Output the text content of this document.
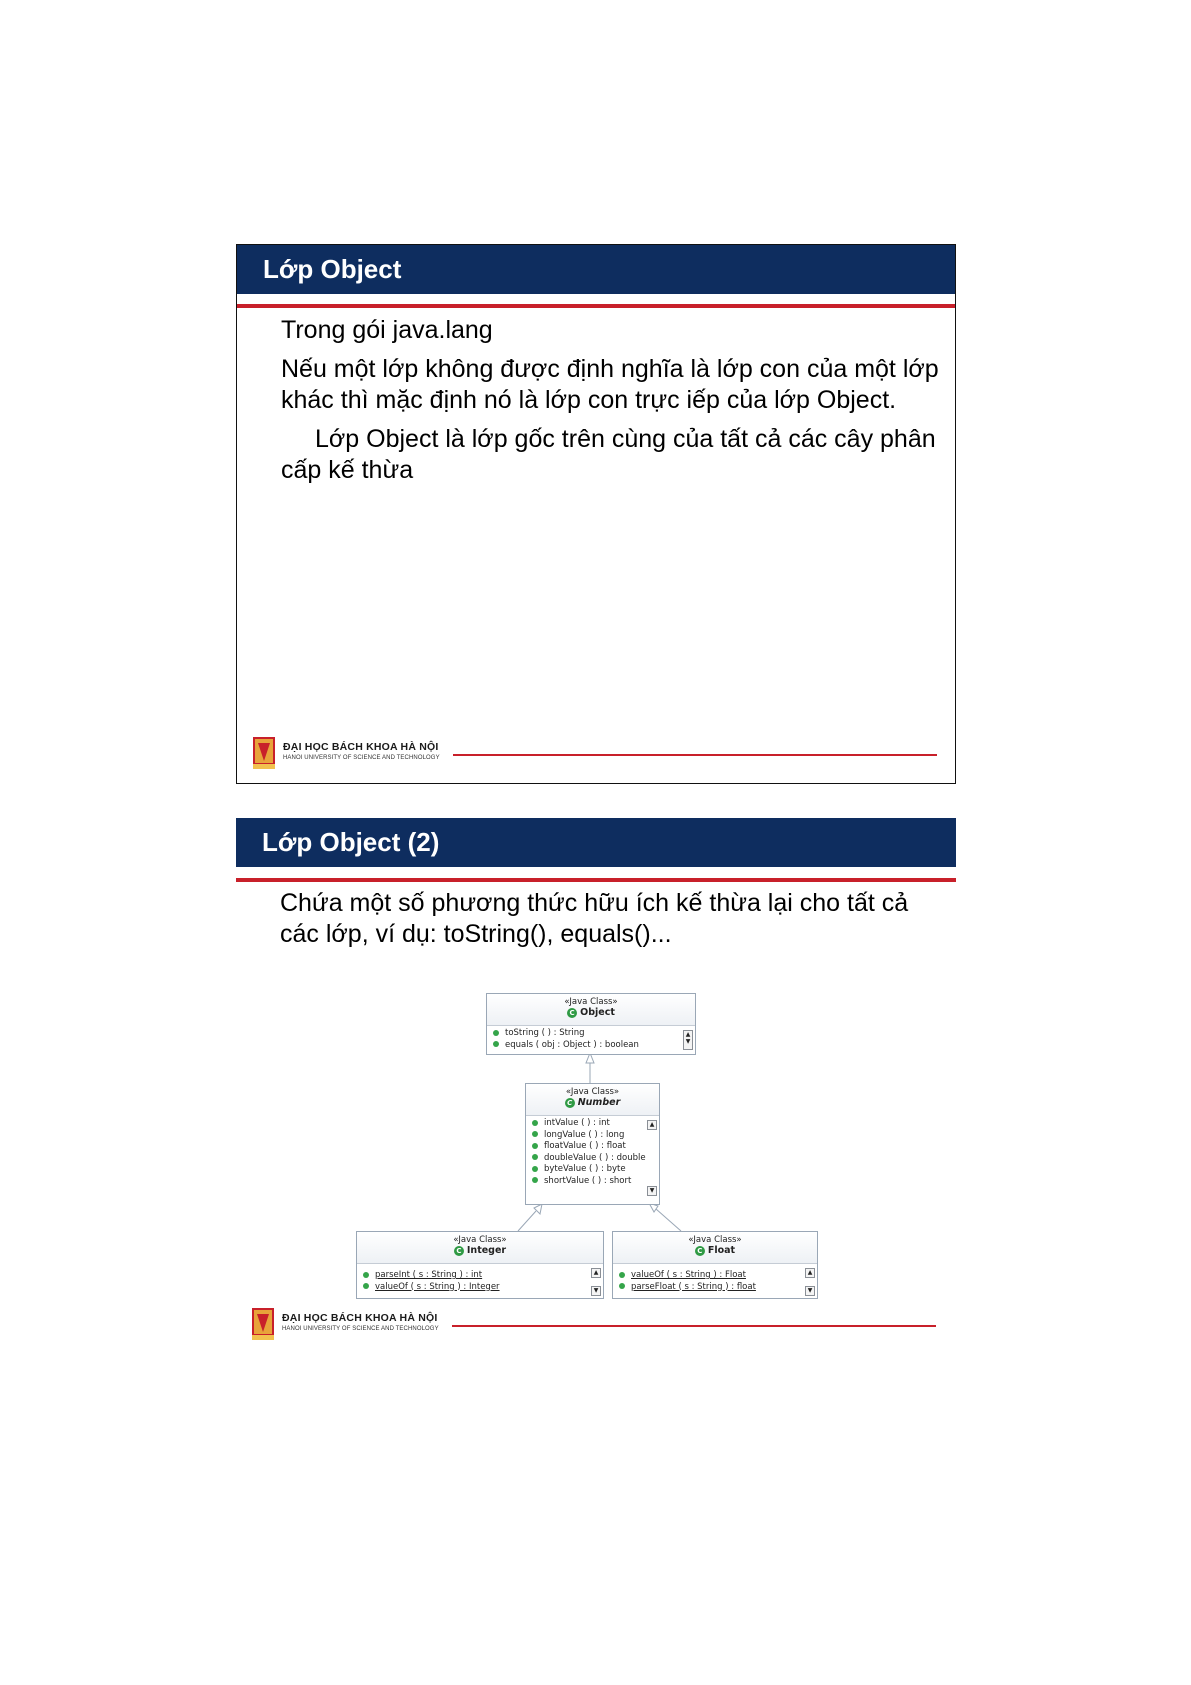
Lớp Object

Trong gói java.lang

Nếu một lớp không được định nghĩa là lớp con của một lớp khác thì mặc định nó là lớp con trực iếp của lớp Object.

Lớp Object là lớp gốc trên cùng của tất cả các cây phân cấp kế thừa

ĐẠI HỌC BÁCH KHOA HÀ NỘI
HANOI UNIVERSITY OF SCIENCE AND TECHNOLOGY
Lớp Object (2)

Chứa một số phương thức hữu ích kế thừa lại cho tất cả các lớp, ví dụ: toString(), equals()...

«Java Class»
C Object
toString ( ) : String
equals ( obj : Object ) : boolean
▲
▼
«Java Class»
C Number
intValue ( ) : int
longValue ( ) : long
floatValue ( ) : float
doubleValue ( ) : double
byteValue ( ) : byte
shortValue ( ) : short
▲
▼
«Java Class»
C Integer
parseInt ( s : String ) : int
valueOf ( s : String ) : Integer
▲
▼
«Java Class»
C Float
valueOf ( s : String ) : Float
parseFloat ( s : String ) : float
▲
▼
ĐẠI HỌC BÁCH KHOA HÀ NỘI
HANOI UNIVERSITY OF SCIENCE AND TECHNOLOGY
